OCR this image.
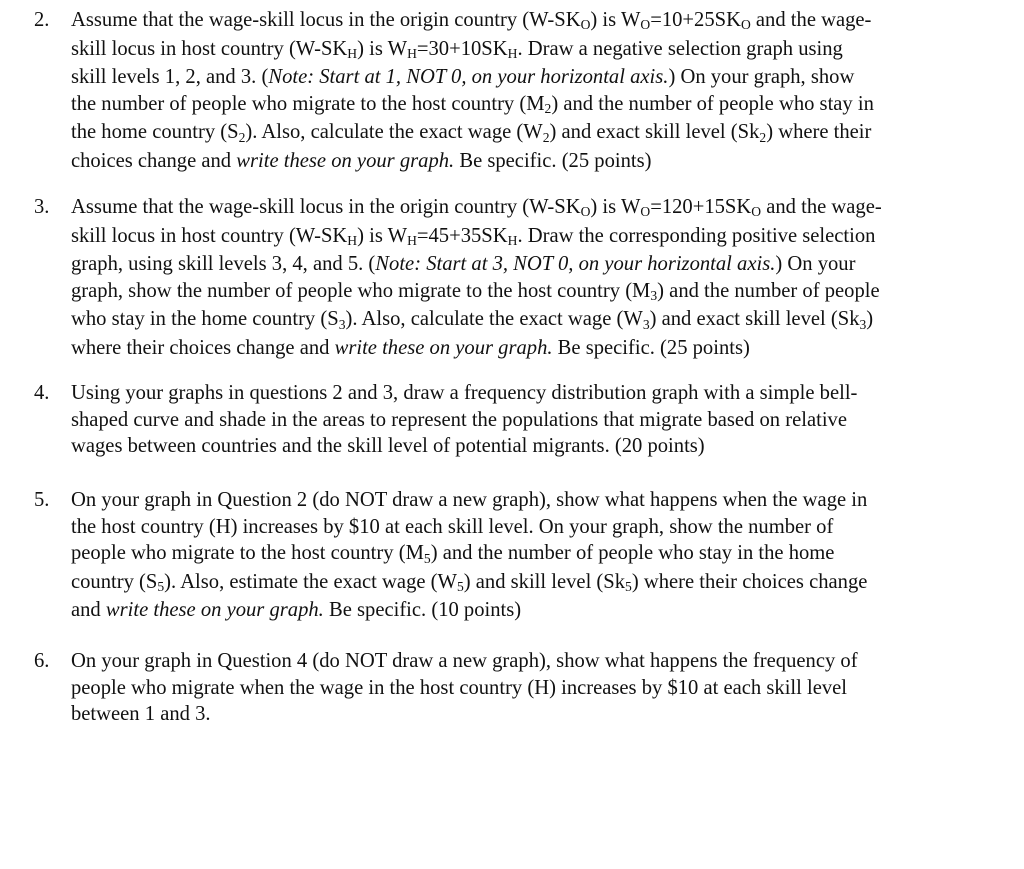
2.	Assume that the wage-skill locus in the origin country (W-SKO) is WO=10+25SKO and the wage-
skill locus in host country (W-SKH) is WH=30+10SKH. Draw a negative selection graph using
skill levels 1, 2, and 3. (Note: Start at 1, NOT 0, on your horizontal axis.) On your graph, show
the number of people who migrate to the host country (M2) and the number of people who stay in
the home country (S2). Also, calculate the exact wage (W2) and exact skill level (Sk2) where their
choices change and write these on your graph. Be specific. (25 points)
3.	Assume that the wage-skill locus in the origin country (W-SKO) is WO=120+15SKO and the wage-
skill locus in host country (W-SKH) is WH=45+35SKH. Draw the corresponding positive selection
graph, using skill levels 3, 4, and 5. (Note: Start at 3, NOT 0, on your horizontal axis.) On your
graph, show the number of people who migrate to the host country (M3) and the number of people
who stay in the home country (S3). Also, calculate the exact wage (W3) and exact skill level (Sk3)
where their choices change and write these on your graph. Be specific. (25 points)
4.	Using your graphs in questions 2 and 3, draw a frequency distribution graph with a simple bell-
shaped curve and shade in the areas to represent the populations that migrate based on relative
wages between countries and the skill level of potential migrants. (20 points)
5.	On your graph in Question 2 (do NOT draw a new graph), show what happens when the wage in
the host country (H) increases by $10 at each skill level. On your graph, show the number of
people who migrate to the host country (M5) and the number of people who stay in the home
country (S5). Also, estimate the exact wage (W5) and skill level (Sk5) where their choices change
and write these on your graph. Be specific. (10 points)
6.	On your graph in Question 4 (do NOT draw a new graph), show what happens the frequency of
people who migrate when the wage in the host country (H) increases by $10 at each skill level
between 1 and 3.
